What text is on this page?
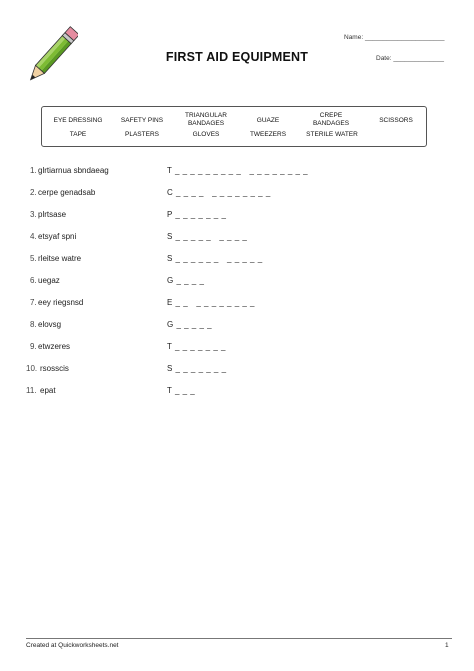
Name: ______________________
Date: ______________
FIRST AID EQUIPMENT
EYE DRESSING	SAFETY PINS
TRIANGULAR
BANDAGES	GUAZE
CREPE
BANDAGES	SCISSORS
TAPE	PLASTERS	GLOVES	TWEEZERS	STERILE WATER
1. glrtiarnua sbndaeag	T _ _ _ _ _ _ _ _ _   _ _ _ _ _ _ _ _
2. cerpe genadsab	C _ _ _ _   _ _ _ _ _ _ _ _
3. plrtsase	P _ _ _ _ _ _ _
4. etsyaf spni	S _ _ _ _ _   _ _ _ _
5. rleitse watre	S _ _ _ _ _ _   _ _ _ _ _
6. uegaz	G _ _ _ _
7. eey riegsnsd	E _ _   _ _ _ _ _ _ _ _
8. elovsg	G _ _ _ _ _
9. etwzeres	T _ _ _ _ _ _ _
10. rsosscis	S _ _ _ _ _ _ _
11. epat	T _ _ _
Created at Quickworksheets.net	1
